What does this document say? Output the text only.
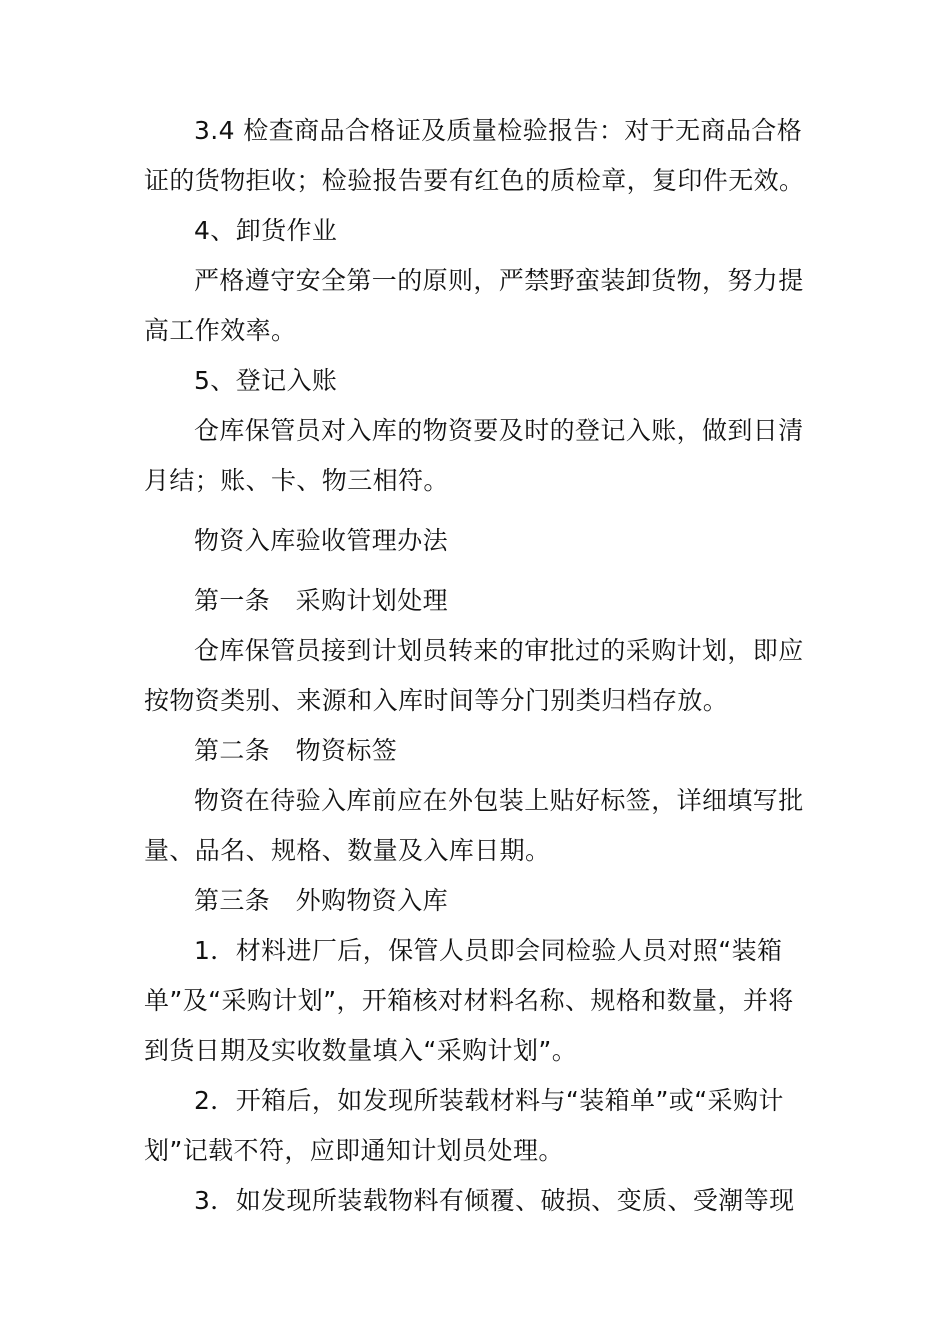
3.4 检查商品合格证及质量检验报告：对于无商品合格证的货物拒收；检验报告要有红色的质检章，复印件无效。

4、卸货作业

严格遵守安全第一的原则，严禁野蛮装卸货物，努力提高工作效率。

5、登记入账

仓库保管员对入库的物资要及时的登记入账，做到日清月结；账、卡、物三相符。

物资入库验收管理办法

第一条　采购计划处理

仓库保管员接到计划员转来的审批过的采购计划，即应按物资类别、来源和入库时间等分门别类归档存放。

第二条　物资标签

物资在待验入库前应在外包装上贴好标签，详细填写批量、品名、规格、数量及入库日期。

第三条　外购物资入库

1．材料进厂后，保管人员即会同检验人员对照“装箱单”及“采购计划”，开箱核对材料名称、规格和数量，并将到货日期及实收数量填入“采购计划”。

2．开箱后，如发现所装载材料与“装箱单”或“采购计划”记载不符，应即通知计划员处理。

3．如发现所装载物料有倾覆、破损、变质、受潮等现
